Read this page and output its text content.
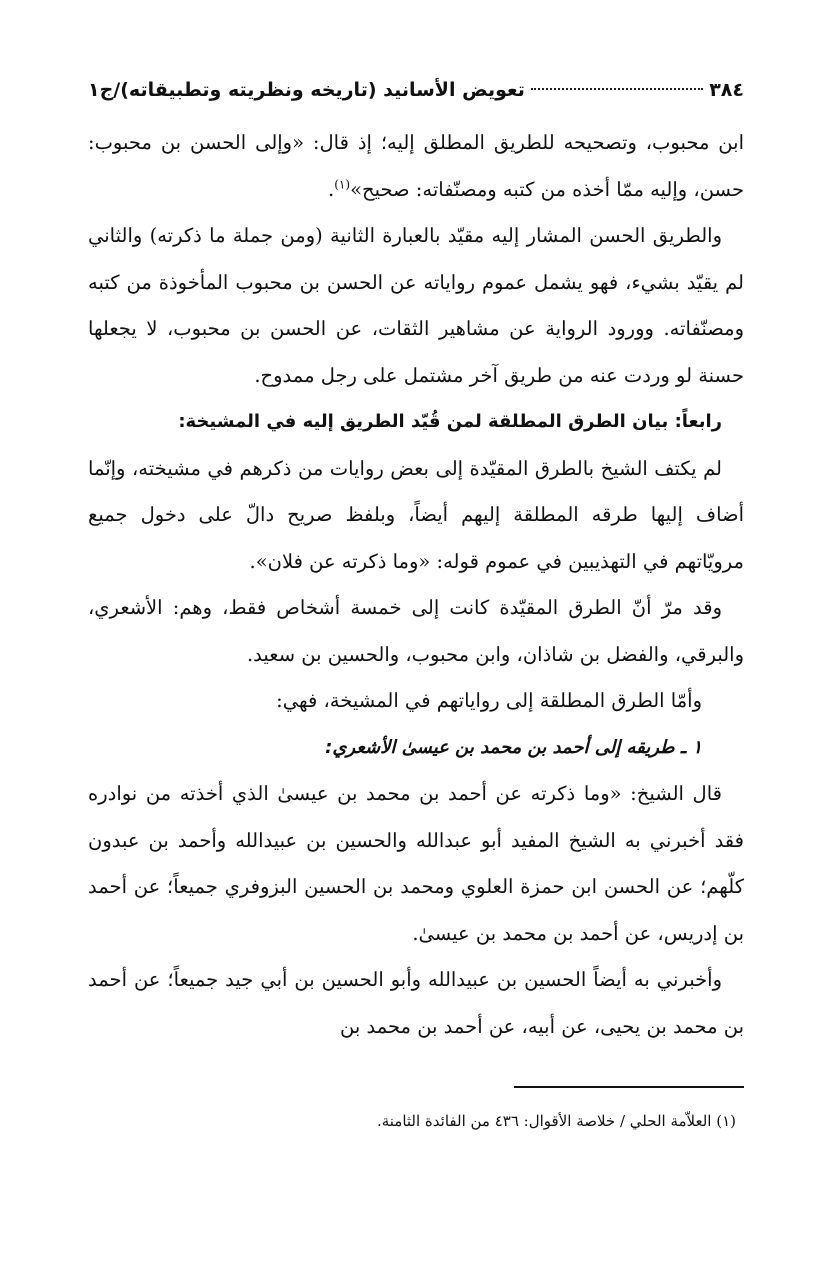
٣٨٤
تعويض الأسانيد (تاريخه ونظريته وتطبيقاته)/ج١

ابن محبوب، وتصحيحه للطريق المطلق إليه؛ إذ قال: «وإلى الحسن بن محبوب: حسن، وإليه ممّا أخذه من كتبه ومصنّفاته: صحيح»$^{(١)}$.

والطريق الحسن المشار إليه مقيّد بالعبارة الثانية (ومن جملة ما ذكرته) والثاني لم يقيّد بشيء، فهو يشمل عموم رواياته عن الحسن بن محبوب المأخوذة من كتبه ومصنّفاته. وورود الرواية عن مشاهير الثقات، عن الحسن بن محبوب، لا يجعلها حسنة لو وردت عنه من طريق آخر مشتمل على رجل ممدوح.

رابعاً: بيان الطرق المطلقة لمن قُيّد الطريق إليه في المشيخة:

لم يكتف الشيخ بالطرق المقيّدة إلى بعض روايات من ذكرهم في مشيخته، وإنّما أضاف إليها طرقه المطلقة إليهم أيضاً، وبلفظ صريح دالّ على دخول جميع مرويّاتهم في التهذيبين في عموم قوله: «وما ذكرته عن فلان».

وقد مرّ أنّ الطرق المقيّدة كانت إلى خمسة أشخاص فقط، وهم: الأشعري، والبرقي، والفضل بن شاذان، وابن محبوب، والحسين بن سعيد.

وأمّا الطرق المطلقة إلى رواياتهم في المشيخة، فهي:

١ ـ طريقه إلى أحمد بن محمد بن عيسىٰ الأشعري:

قال الشيخ: «وما ذكرته عن أحمد بن محمد بن عيسىٰ الذي أخذته من نوادره فقد أخبرني به الشيخ المفيد أبو عبدالله والحسين بن عبيدالله وأحمد بن عبدون كلّهم؛ عن الحسن ابن حمزة العلوي ومحمد بن الحسين البزوفري جميعاً؛ عن أحمد بن إدريس، عن أحمد بن محمد بن عيسىٰ.

وأخبرني به أيضاً الحسين بن عبيدالله وأبو الحسين بن أبي جيد جميعاً؛ عن أحمد بن محمد بن يحيى، عن أبيه، عن أحمد بن محمد بن

(١) العلاّمة الحلي / خلاصة الأقوال: ٤٣٦ من الفائدة الثامنة.
